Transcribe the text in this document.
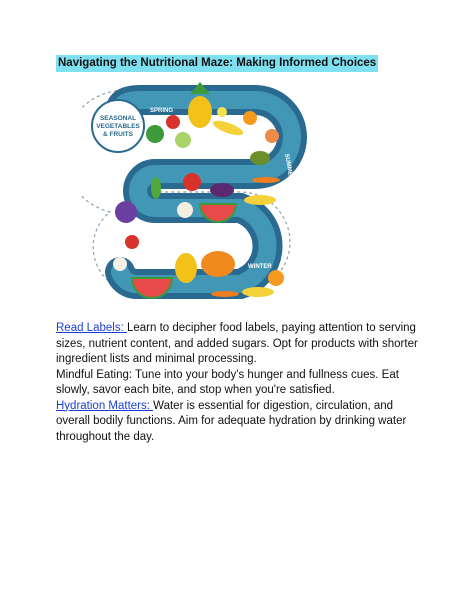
Navigating the Nutritional Maze: Making Informed Choices
SEASONAL
VEGETABLES
& FRUITS
SPRING
SUMMER
AUTUMN
WINTER

Read Labels: Learn to decipher food labels, paying attention to serving sizes, nutrient content, and added sugars. Opt for products with shorter ingredient lists and minimal processing.

Mindful Eating: Tune into your body's hunger and fullness cues. Eat slowly, savor each bite, and stop when you're satisfied.

Hydration Matters: Water is essential for digestion, circulation, and overall bodily functions. Aim for adequate hydration by drinking water throughout the day.
